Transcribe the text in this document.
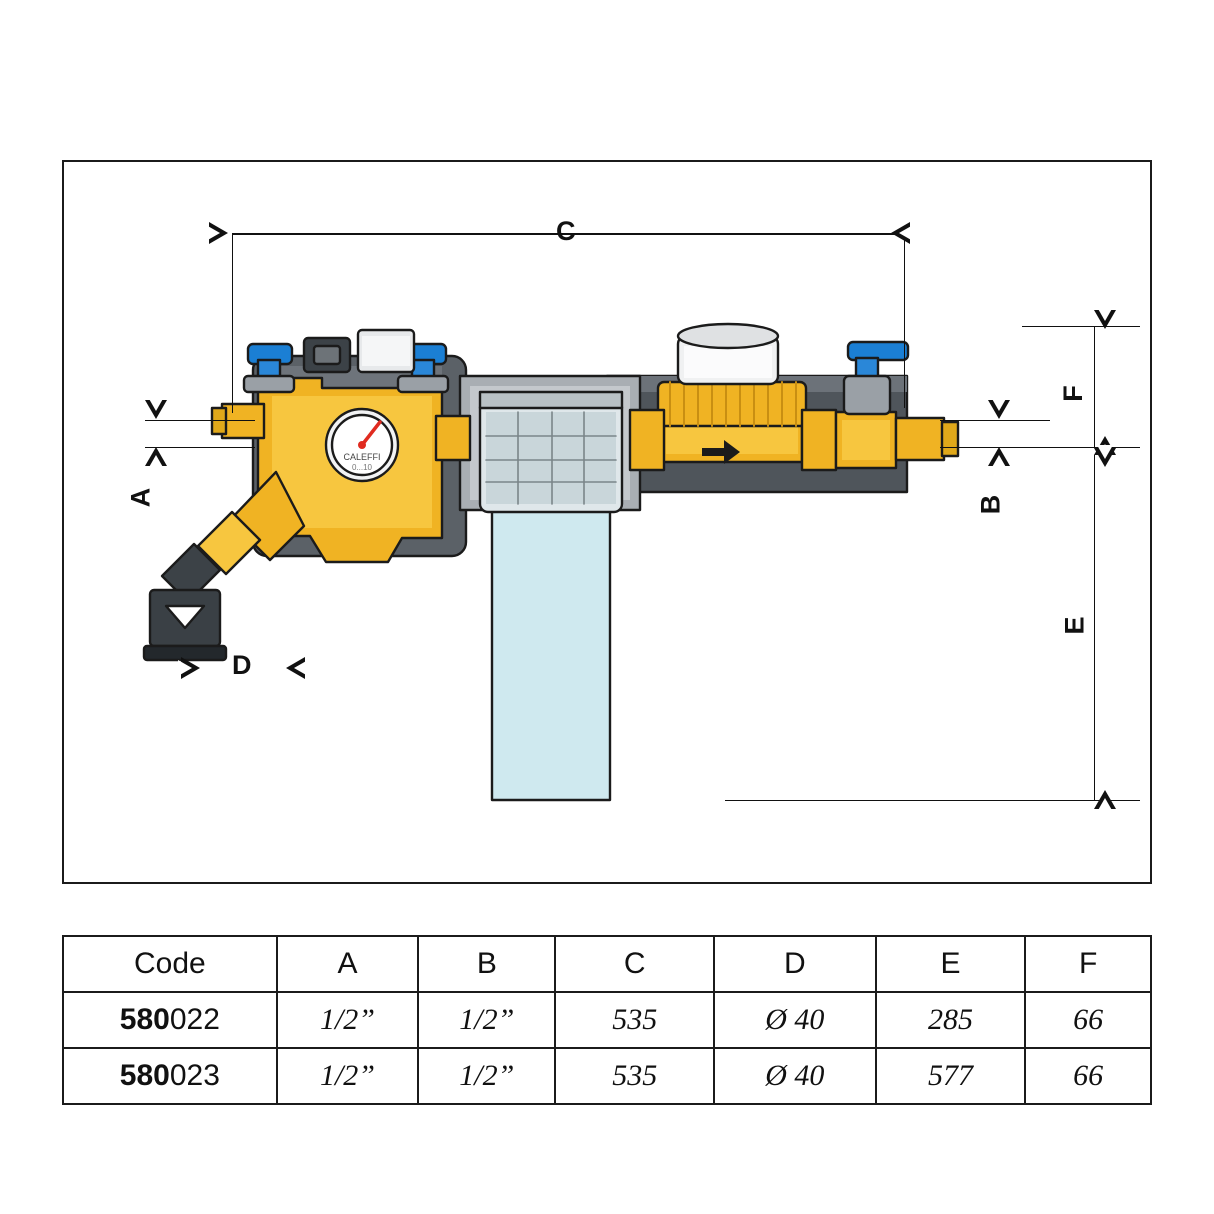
CALEFFI
0...10
C
A	B
F
E
D
Code	A	B	C	D	E	F
580022	1/2”	1/2”	535	Ø 40	285	66
580023	1/2”	1/2”	535	Ø 40	577	66
